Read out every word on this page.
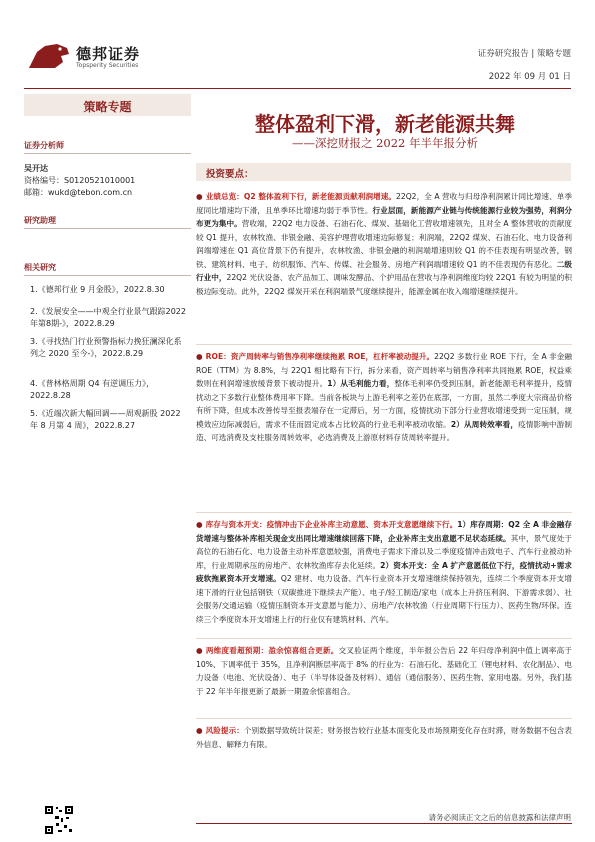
德邦证券
Topsperity Securities
证券研究报告 | 策略专题
2022 年 09 月 01 日
策略专题
证券分析师
吴开达
资格编号：S0120521010001
邮箱：wukd@tebon.com.cn
研究助理
相关研究
1.《德邦行业 9 月金股》，2022.8.30
2.《发展安全——中观全行业景气跟踪2022年第8期-》，2022.8.29
3.《寻找热门行业预警指标力挽狂澜深化系列之 2020 至今-》，2022.8.29
4.《普林格周期 Q4 有逆调压力》，2022.8.28
5.《近端次新大幅回调——周观新股 2022 年 8 月第 4 周》，2022.8.27
整体盈利下滑，新老能源共舞
——深挖财报之 2022 年半年报分析
投资要点：
● 业绩总览：Q2 整体盈利下行，新老能源贡献利润增速。22Q2，全 A 营收与归母净利润累计同比增速、单季度同比增速均下滑，且单季环比增速均弱于季节性。行业层面，新能源产业链与传统能源行业较为强势，利润分布更为集中。营收端，22Q2 电力设备、石油石化、煤炭、基础化工营收增速领先，且对全 A 整体营收的贡献度较 Q1 提升，农林牧渔、非银金融、美容护理营收增速边际修复；利润端，22Q2 煤炭、石油石化、电力设备利润端增速在 Q1 高位背景下仍有提升，农林牧渔、非银金融的利润端增速则较 Q1 的不佳表现有明显改善，钢铁、建筑材料、电子、纺织服饰、汽车、传媒、社会服务、房地产利润端增速较 Q1 的不佳表现仍有恶化。二级行业中，22Q2 光伏设备、农产品加工、调味发酵品、个护用品在营收与净利润维度均较 22Q1 有较为明显的积极边际变动。此外，22Q2 煤炭开采在利润端景气度继续提升，能源金属在收入端增速继续提升。
● ROE：资产周转率与销售净利率继续拖累 ROE，杠杆率被动提升。22Q2 多数行业 ROE 下行，全 A 非金融 ROE（TTM）为 8.8%，与 22Q1 相比略有下行，拆分来看，资产周转率与销售净利率共同拖累 ROE，权益乘数则在利润增速放缓背景下被动提升。1）从毛利能力看，整体毛利率仍受到压制，新老能源毛利率提升，疫情扰动之下多数行业整体费用率下降。当前各板块与上游毛利率之差仍在底部，一方面，虽然二季度大宗商品价格有所下降，但成本改善传导至报表端存在一定滞后，另一方面，疫情扰动下部分行业营收增速受到一定压制，规模效应边际减弱后，需求不佳而固定成本占比较高的行业毛利率被动收缩。2）从周转效率看，疫情影响中游制造、可选消费及支柱服务周转效率，必选消费及上游原材料存货周转率提升。
● 库存与资本开支：疫情冲击下企业补库主动意愿、资本开支意愿继续下行。1）库存周期：Q2 全 A 非金融存货增速与整体补库相关现金支出同比增速继续回落下降，企业补库主支出意愿不足状态延续。其中，景气度处于高位的石油石化、电力设备主动补库意愿较强，消费电子需求下滑以及二季度疫情冲击致电子、汽车行业被动补库，行业周期承压的房地产、农林牧渔库存去化延续。2）资本开支：全 A 扩产意愿低位下行，疫情扰动+需求疲软拖累资本开支增速。Q2 建材、电力设备、汽车行业资本开支增速继续保持领先，连续二个季度资本开支增速下滑的行业包括钢铁（双碳推进下继续去产能）、电子/轻工制造/家电（成本上升挤压利润、下游需求弱）、社会服务/交通运输（疫情压制资本开支意愿与能力）、房地产/农林牧渔（行业周期下行压力）、医药生物/环保。连续三个季度资本开支增速上行的行业仅有建筑材料、汽车。
● 两维度看超预期：盈余惊喜组合更新。交叉验证两个维度，半年报公告后 22 年归母净利润中值上调率高于 10%、下调率低于 35%，且净利润断层率高于 8% 的行业为：石油石化、基础化工（锂电材料、农化制品）、电力设备（电池、光伏设备）、电子（半导体设备及材料）、通信（通信服务）、医药生物、家用电器。另外，我们基于 22 年半年报更新了最新一期盈余惊喜组合。
● 风险提示：个别数据导致统计误差；财务报告较行业基本面变化及市场预期变化存在时滞，财务数据不包含表外信息、解释力有限。
请务必阅读正文之后的信息披露和法律声明
